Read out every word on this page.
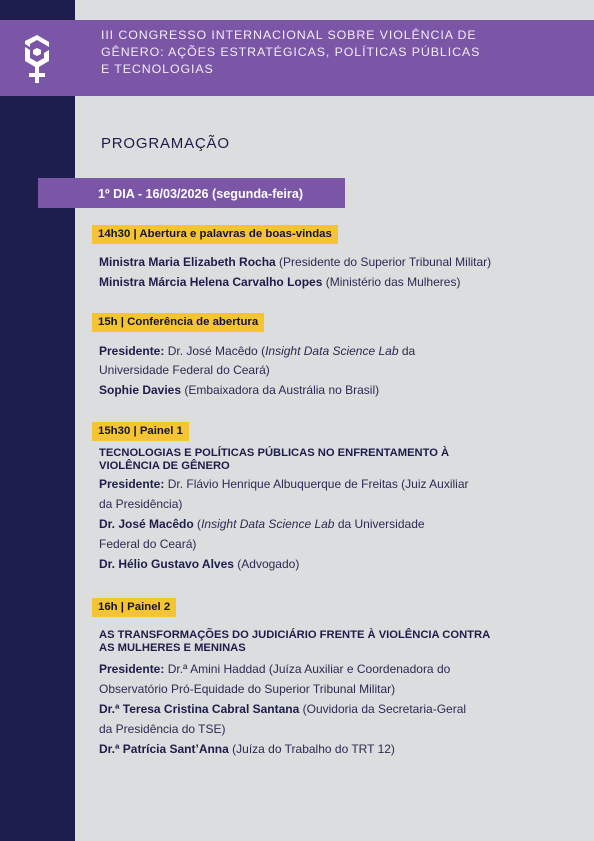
III CONGRESSO INTERNACIONAL SOBRE VIOLÊNCIA DE
GÊNERO: AÇÕES ESTRATÉGICAS, POLÍTICAS PÚBLICAS
E TECNOLOGIAS
PROGRAMAÇÃO
1º DIA - 16/03/2026 (segunda-feira)
14h30 | Abertura e palavras de boas-vindas
Ministra Maria Elizabeth Rocha (Presidente do Superior Tribunal Militar)
Ministra Márcia Helena Carvalho Lopes (Ministério das Mulheres)
15h | Conferência de abertura
Presidente: Dr. José Macêdo (Insight Data Science Lab da
Universidade Federal do Ceará)
Sophie Davies (Embaixadora da Austrália no Brasil)
15h30 | Painel 1
TECNOLOGIAS E POLÍTICAS PÚBLICAS NO ENFRENTAMENTO À
VIOLÊNCIA DE GÊNERO
Presidente: Dr. Flávio Henrique Albuquerque de Freitas (Juiz Auxiliar
da Presidência)
Dr. José Macêdo (Insight Data Science Lab da Universidade
Federal do Ceará)
Dr. Hélio Gustavo Alves (Advogado)
16h | Painel 2
AS TRANSFORMAÇÕES DO JUDICIÁRIO FRENTE À VIOLÊNCIA CONTRA
AS MULHERES E MENINAS
Presidente: Dr.ª Amini Haddad (Juíza Auxiliar e Coordenadora do
Observatório Pró-Equidade do Superior Tribunal Militar)
Dr.ª Teresa Cristina Cabral Santana (Ouvidoria da Secretaria-Geral
da Presidência do TSE)
Dr.ª Patrícia Sant’Anna (Juíza do Trabalho do TRT 12)
